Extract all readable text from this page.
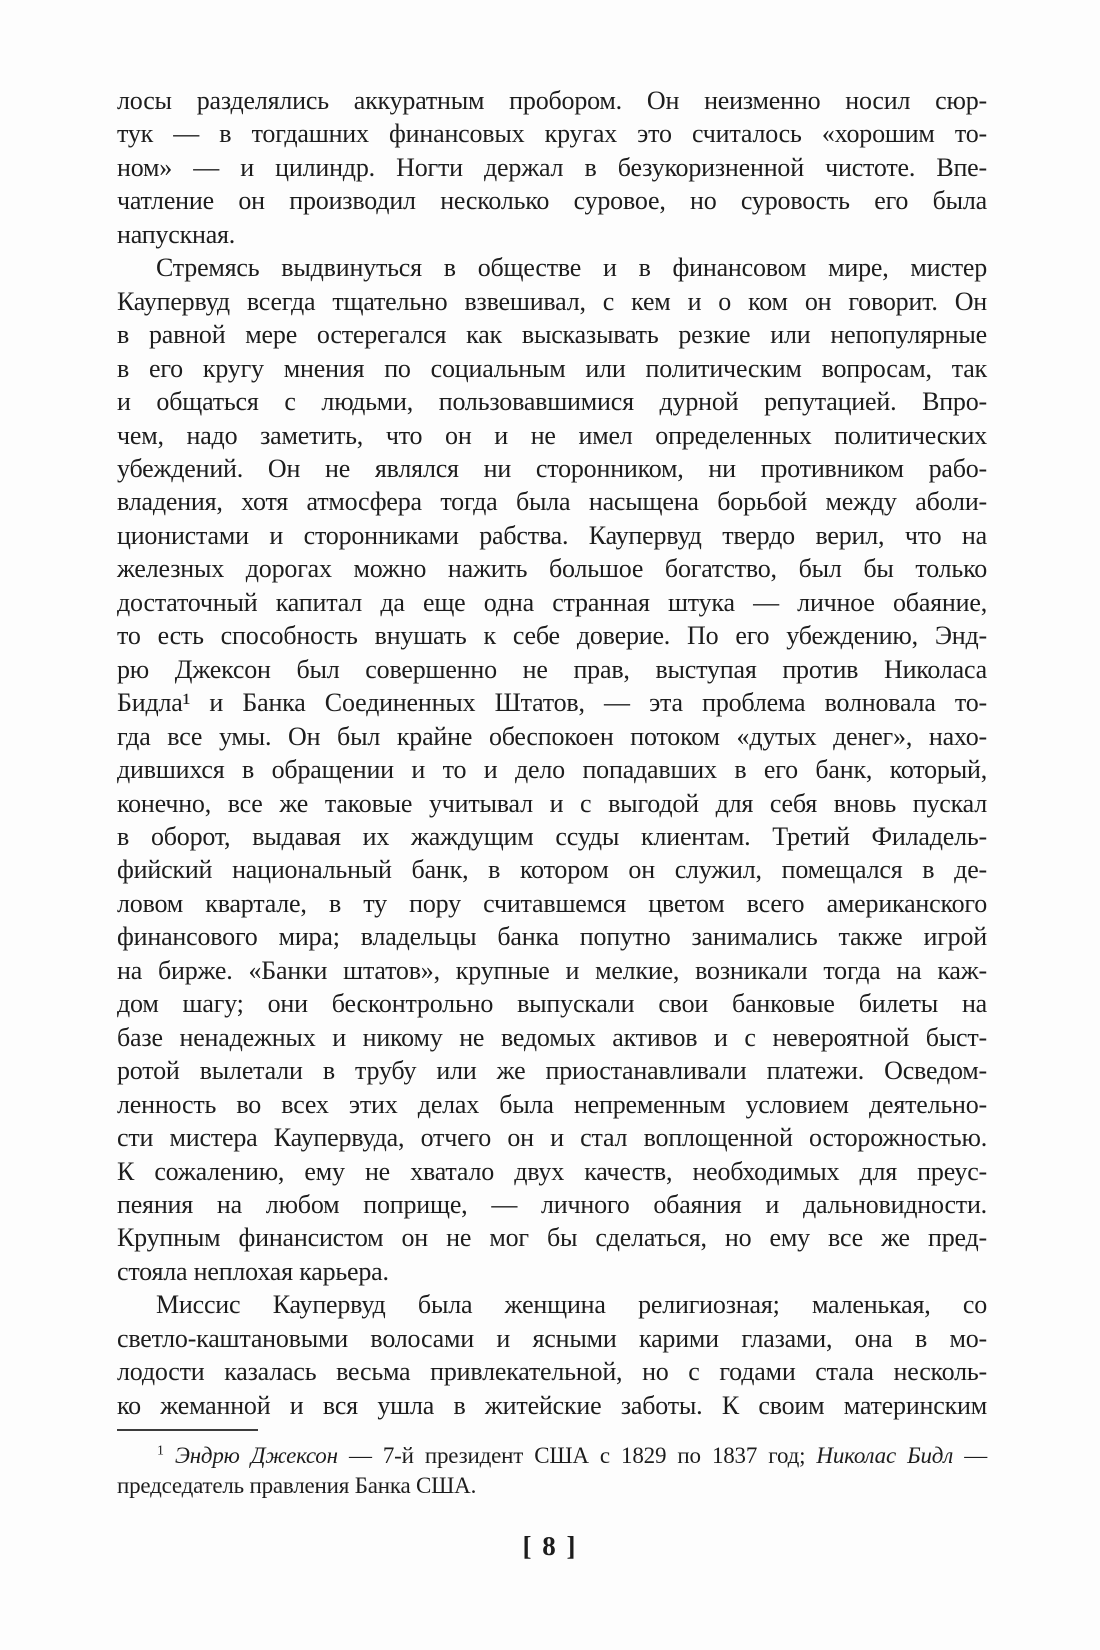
лосы разделялись аккуратным пробором. Он неизменно носил сюр-
тук — в тогдашних финансовых кругах это считалось «хорошим то-
ном» — и цилиндр. Ногти держал в безукоризненной чистоте. Впе-
чатление он производил несколько суровое, но суровость его была
напускная.
Стремясь выдвинуться в обществе и в финансовом мире, мистер
Каупервуд всегда тщательно взвешивал, с кем и о ком он говорит. Он
в равной мере остерегался как высказывать резкие или непопулярные
в его кругу мнения по социальным или политическим вопросам, так
и общаться с людьми, пользовавшимися дурной репутацией. Впро-
чем, надо заметить, что он и не имел определенных политических
убеждений. Он не являлся ни сторонником, ни противником рабо-
владения, хотя атмосфера тогда была насыщена борьбой между аболи-
ционистами и сторонниками рабства. Каупервуд твердо верил, что на
железных дорогах можно нажить большое богатство, был бы только
достаточный капитал да еще одна странная штука — личное обаяние,
то есть способность внушать к себе доверие. По его убеждению, Энд-
рю Джексон был совершенно не прав, выступая против Николаса
Бидла¹ и Банка Соединенных Штатов, — эта проблема волновала то-
гда все умы. Он был крайне обеспокоен потоком «дутых денег», нахо-
дившихся в обращении и то и дело попадавших в его банк, который,
конечно, все же таковые учитывал и с выгодой для себя вновь пускал
в оборот, выдавая их жаждущим ссуды клиентам. Третий Филадель-
фийский национальный банк, в котором он служил, помещался в де-
ловом квартале, в ту пору считавшемся цветом всего американского
финансового мира; владельцы банка попутно занимались также игрой
на бирже. «Банки штатов», крупные и мелкие, возникали тогда на каж-
дом шагу; они бесконтрольно выпускали свои банковые билеты на
базе ненадежных и никому не ведомых активов и с невероятной быст-
ротой вылетали в трубу или же приостанавливали платежи. Осведом-
ленность во всех этих делах была непременным условием деятельно-
сти мистера Каупервуда, отчего он и стал воплощенной осторожностью.
К сожалению, ему не хватало двух качеств, необходимых для преус-
пеяния на любом поприще, — личного обаяния и дальновидности.
Крупным финансистом он не мог бы сделаться, но ему все же пред-
стояла неплохая карьера.
Миссис Каупервуд была женщина религиозная; маленькая, со
светло-каштановыми волосами и ясными карими глазами, она в мо-
лодости казалась весьма привлекательной, но с годами стала несколь-
ко жеманной и вся ушла в житейские заботы. К своим материнским
$^1$ Эндрю Джексон — 7-й президент США с 1829 по 1837 год; Николас Бидл —
председатель правления Банка США.
[ 8 ]
